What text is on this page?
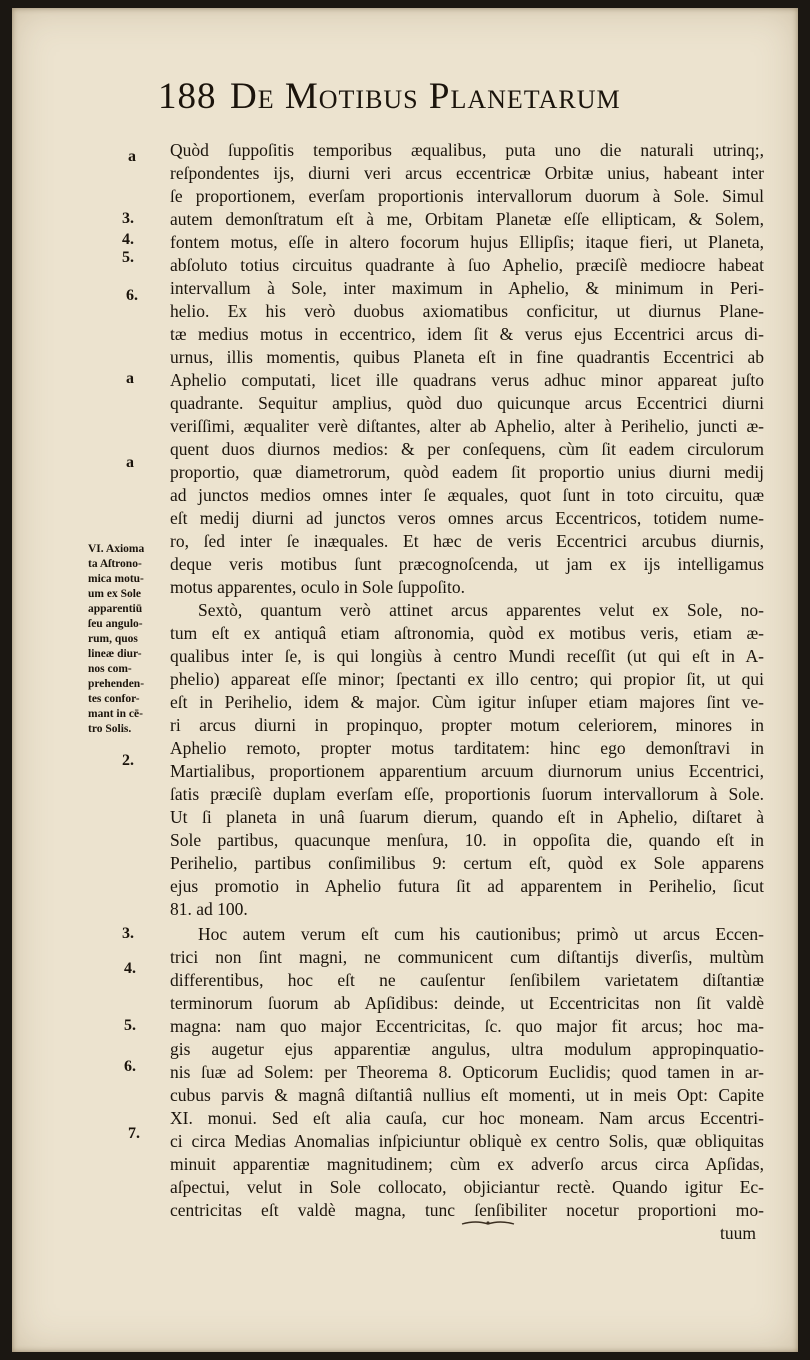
188 De Motibus Planetarum
Quòd ſuppoſitis temporibus æqualibus, puta uno die naturali utrinq;,
reſpondentes ijs, diurni veri arcus eccentricæ Orbitæ unius, habeant inter
ſe proportionem, everſam proportionis intervallorum duorum à Sole. Simul
autem demonſtratum eſt à me, Orbitam Planetæ eſſe ellipticam, & Solem,
fontem motus, eſſe in altero focorum hujus Ellipſis; itaque fieri, ut Planeta,
abſoluto totius circuitus quadrante à ſuo Aphelio, præciſè mediocre habeat
intervallum à Sole, inter maximum in Aphelio, & minimum in Peri-
helio. Ex his verò duobus axiomatibus conficitur, ut diurnus Plane-
tæ medius motus in eccentrico, idem ſit & verus ejus Eccentrici arcus di-
urnus, illis momentis, quibus Planeta eſt in fine quadrantis Eccentrici ab
Aphelio computati, licet ille quadrans verus adhuc minor appareat juſto
quadrante. Sequitur amplius, quòd duo quicunque arcus Eccentrici diurni
veriſſimi, æqualiter verè diſtantes, alter ab Aphelio, alter à Perihelio, juncti æ-
quent duos diurnos medios: & per conſequens, cùm ſit eadem circulorum
proportio, quæ diametrorum, quòd eadem ſit proportio unius diurni medij
ad junctos medios omnes inter ſe æquales, quot ſunt in toto circuitu, quæ
eſt medij diurni ad junctos veros omnes arcus Eccentricos, totidem nume-
ro, ſed inter ſe inæquales. Et hæc de veris Eccentrici arcubus diurnis,
deque veris motibus ſunt præcognoſcenda, ut jam ex ijs intelligamus
motus apparentes, oculo in Sole ſuppoſito.
Sextò, quantum verò attinet arcus apparentes velut ex Sole, no-
tum eſt ex antiquâ etiam aſtronomia, quòd ex motibus veris, etiam æ-
qualibus inter ſe, is qui longiùs à centro Mundi receſſit (ut qui eſt in A-
phelio) appareat eſſe minor; ſpectanti ex illo centro; qui propior ſit, ut qui
eſt in Perihelio, idem & major. Cùm igitur inſuper etiam majores ſint ve-
ri arcus diurni in propinquo, propter motum celeriorem, minores in
Aphelio remoto, propter motus tarditatem: hinc ego demonſtravi in
Martialibus, proportionem apparentium arcuum diurnorum unius Eccentrici,
ſatis præciſè duplam everſam eſſe, proportionis ſuorum intervallorum à Sole.
Ut ſi planeta in unâ ſuarum dierum, quando eſt in Aphelio, diſtaret à
Sole partibus, quacunque menſura, 10. in oppoſita die, quando eſt in
Perihelio, partibus conſimilibus 9: certum eſt, quòd ex Sole apparens
ejus promotio in Aphelio futura ſit ad apparentem in Perihelio, ſicut
81. ad 100.
Hoc autem verum eſt cum his cautionibus; primò ut arcus Eccen-
trici non ſint magni, ne communicent cum diſtantijs diverſis, multùm
differentibus, hoc eſt ne cauſentur ſenſibilem varietatem diſtantiæ
terminorum ſuorum ab Apſidibus: deinde, ut Eccentricitas non ſit valdè
magna: nam quo major Eccentricitas, ſc. quo major fit arcus; hoc ma-
gis augetur ejus apparentiæ angulus, ultra modulum appropinquatio-
nis ſuæ ad Solem: per Theorema 8. Opticorum Euclidis; quod tamen in ar-
cubus parvis & magnâ diſtantiâ nullius eſt momenti, ut in meis Opt: Capite
XI. monui. Sed eſt alia cauſa, cur hoc moneam. Nam arcus Eccentri-
ci circa Medias Anomalias inſpiciuntur obliquè ex centro Solis, quæ obliquitas
minuit apparentiæ magnitudinem; cùm ex adverſo arcus circa Apſidas,
aſpectui, velut in Sole collocato, objiciantur rectè. Quando igitur Ec-
centricitas eſt valdè magna, tunc ſenſibiliter nocetur proportioni mo-
tuum
a
3.
4.
5.
6.
a
a
2.
3.
4.
5.
6.
7.
VI. Axioma
ta Aſtrono-
mica motu-
um ex Sole
apparentiū
ſeu angulo-
rum, quos
lineæ diur-
nos com-
prehenden-
tes confor-
mant in cē-
tro Solis.
